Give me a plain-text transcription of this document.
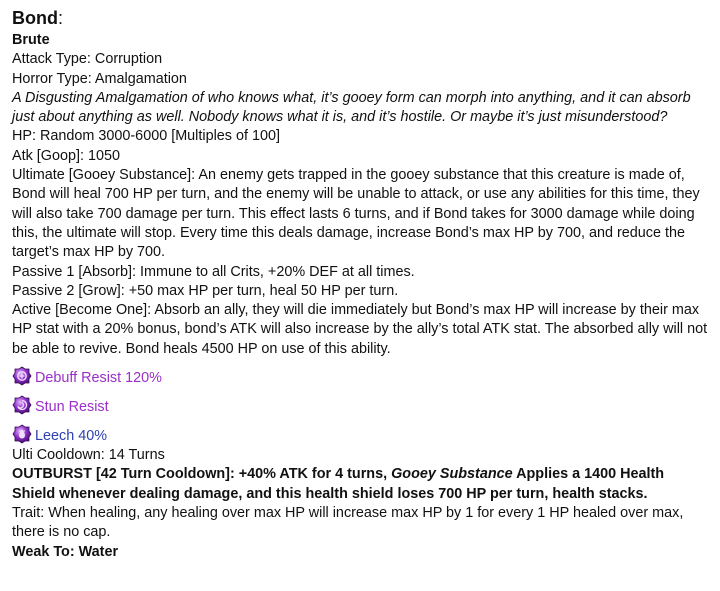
Bond:
Brute
Attack Type: Corruption
Horror Type: Amalgamation
A Disgusting Amalgamation of who knows what, it’s gooey form can morph into anything, and it can absorb just about anything as well. Nobody knows what it is, and it’s hostile. Or maybe it’s just misunderstood?
HP: Random 3000-6000 [Multiples of 100]
Atk [Goop]: 1050
Ultimate [Gooey Substance]: An enemy gets trapped in the gooey substance that this creature is made of, Bond will heal 700 HP per turn, and the enemy will be unable to attack, or use any abilities for this time, they will also take 700 damage per turn. This effect lasts 6 turns, and if Bond takes for 3000 damage while doing this, the ultimate will stop. Every time this deals damage, increase Bond’s max HP by 700, and reduce the target’s max HP by 700.
Passive 1 [Absorb]: Immune to all Crits, +20% DEF at all times.
Passive 2 [Grow]: +50 max HP per turn, heal 50 HP per turn.
Active [Become One]: Absorb an ally, they will die immediately but Bond’s max HP will increase by their max HP stat with a 20% bonus, bond’s ATK will also increase by the ally’s total ATK stat. The absorbed ally will not be able to revive. Bond heals 4500 HP on use of this ability.
Debuff Resist 120%
Stun Resist
Leech 40%
Ulti Cooldown: 14 Turns
OUTBURST [42 Turn Cooldown]: +40% ATK for 4 turns, Gooey Substance Applies a 1400 Health Shield whenever dealing damage, and this health shield loses 700 HP per turn, health stacks.
Trait: When healing, any healing over max HP will increase max HP by 1 for every 1 HP healed over max, there is no cap.
Weak To: Water
